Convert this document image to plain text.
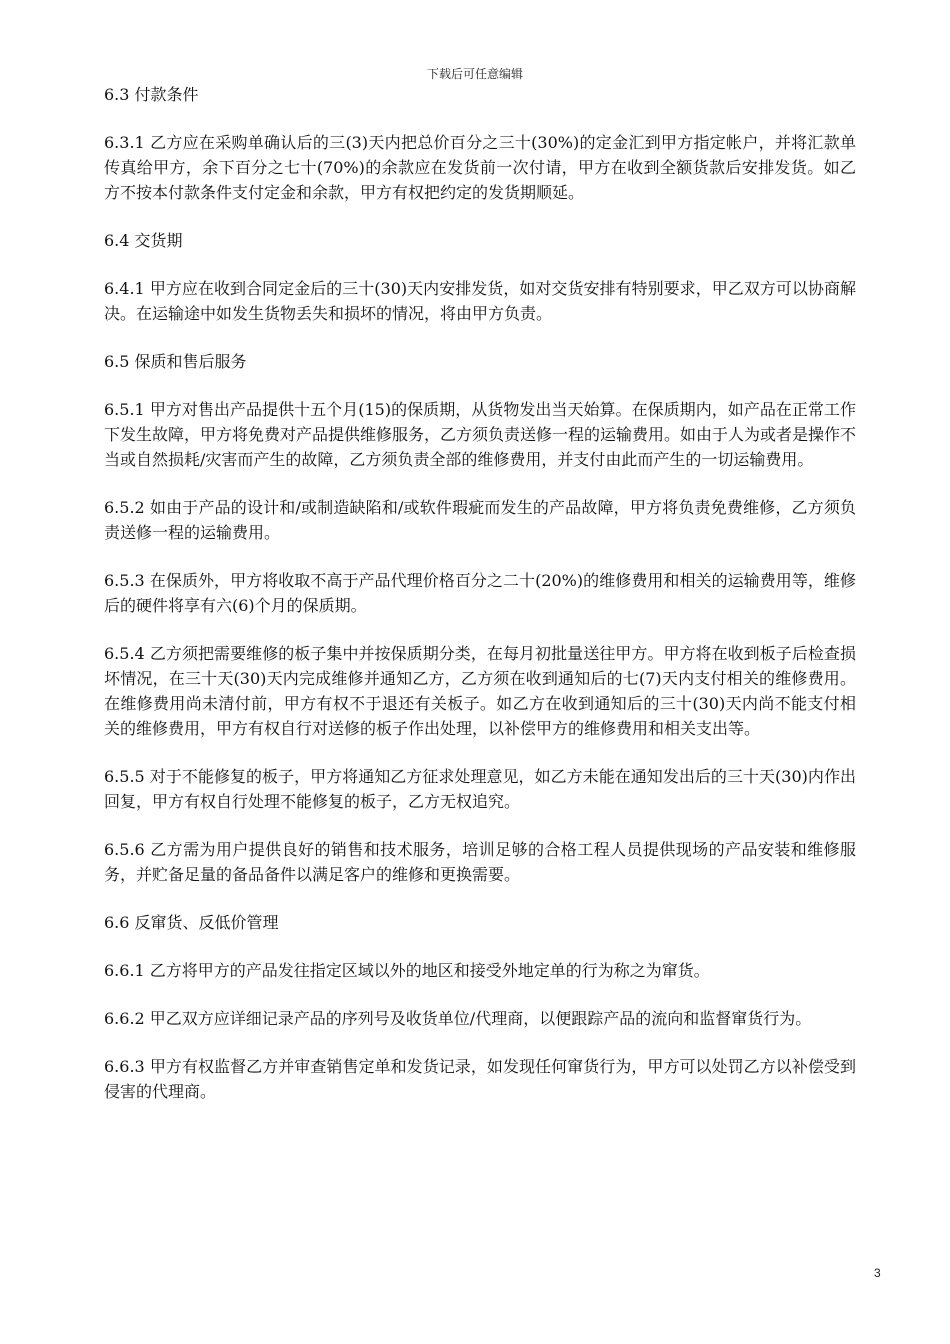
下载后可任意编辑

6.3 付款条件

6.3.1 乙方应在采购单确认后的三(3)天内把总价百分之三十(30%)的定金汇到甲方指定帐户，并将汇款单传真给甲方，余下百分之七十(70%)的余款应在发货前一次付请，甲方在收到全额货款后安排发货。如乙方不按本付款条件支付定金和余款，甲方有权把约定的发货期顺延。

6.4 交货期

6.4.1 甲方应在收到合同定金后的三十(30)天内安排发货，如对交货安排有特别要求，甲乙双方可以协商解决。在运输途中如发生货物丢失和损坏的情况，将由甲方负责。

6.5 保质和售后服务

6.5.1 甲方对售出产品提供十五个月(15)的保质期，从货物发出当天始算。在保质期内，如产品在正常工作下发生故障，甲方将免费对产品提供维修服务，乙方须负责送修一程的运输费用。如由于人为或者是操作不当或自然损耗/灾害而产生的故障，乙方须负责全部的维修费用，并支付由此而产生的一切运输费用。

6.5.2 如由于产品的设计和/或制造缺陷和/或软件瑕疵而发生的产品故障，甲方将负责免费维修，乙方须负责送修一程的运输费用。

6.5.3 在保质外，甲方将收取不高于产品代理价格百分之二十(20%)的维修费用和相关的运输费用等，维修后的硬件将享有六(6)个月的保质期。

6.5.4 乙方须把需要维修的板子集中并按保质期分类，在每月初批量送往甲方。甲方将在收到板子后检查损坏情况，在三十天(30)天内完成维修并通知乙方，乙方须在收到通知后的七(7)天内支付相关的维修费用。在维修费用尚未清付前，甲方有权不于退还有关板子。如乙方在收到通知后的三十(30)天内尚不能支付相关的维修费用，甲方有权自行对送修的板子作出处理，以补偿甲方的维修费用和相关支出等。

6.5.5 对于不能修复的板子，甲方将通知乙方征求处理意见，如乙方未能在通知发出后的三十天(30)内作出回复，甲方有权自行处理不能修复的板子，乙方无权追究。

6.5.6 乙方需为用户提供良好的销售和技术服务，培训足够的合格工程人员提供现场的产品安装和维修服务，并贮备足量的备品备件以满足客户的维修和更换需要。

6.6 反窜货、反低价管理

6.6.1 乙方将甲方的产品发往指定区域以外的地区和接受外地定单的行为称之为窜货。

6.6.2 甲乙双方应详细记录产品的序列号及收货单位/代理商，以便跟踪产品的流向和监督窜货行为。

6.6.3 甲方有权监督乙方并审查销售定单和发货记录，如发现任何窜货行为，甲方可以处罚乙方以补偿受到侵害的代理商。

3
